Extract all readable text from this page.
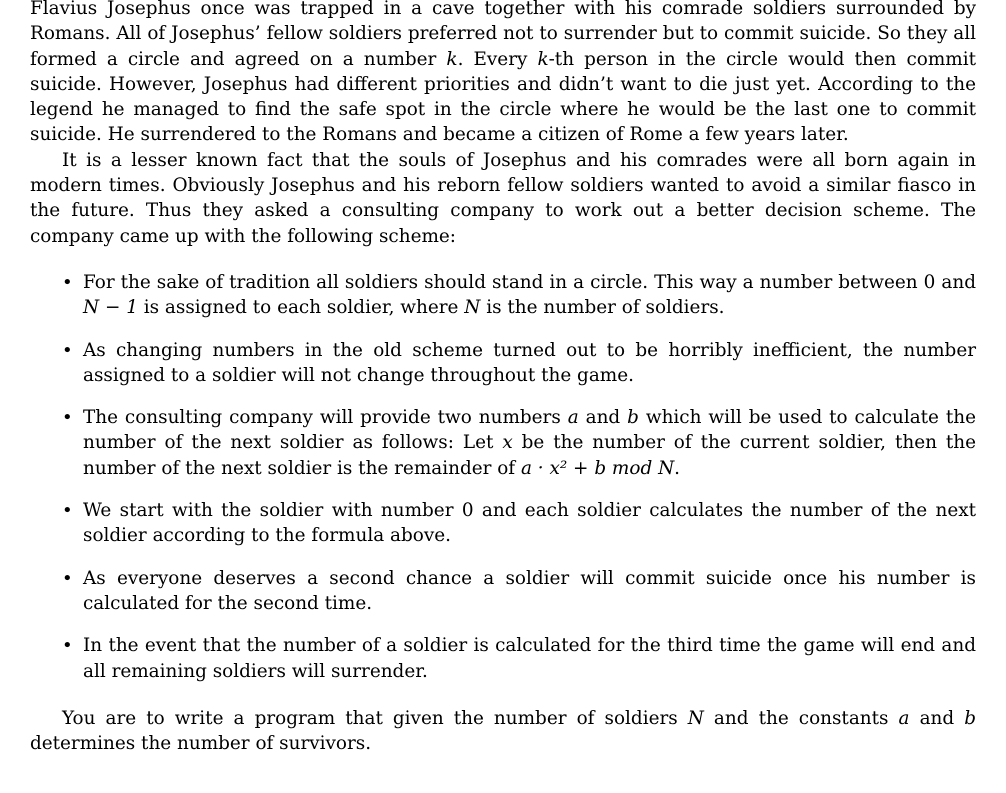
Flavius Josephus once was trapped in a cave together with his comrade soldiers surrounded by Romans. All of Josephus’ fellow soldiers preferred not to surrender but to commit suicide. So they all formed a circle and agreed on a number k. Every k-th person in the circle would then commit suicide. However, Josephus had different priorities and didn’t want to die just yet. According to the legend he managed to find the safe spot in the circle where he would be the last one to commit suicide. He surrendered to the Romans and became a citizen of Rome a few years later.

It is a lesser known fact that the souls of Josephus and his comrades were all born again in modern times. Obviously Josephus and his reborn fellow soldiers wanted to avoid a similar fiasco in the future. Thus they asked a consulting company to work out a better decision scheme. The company came up with the following scheme:

• For the sake of tradition all soldiers should stand in a circle. This way a number between 0 and N − 1 is assigned to each soldier, where N is the number of soldiers.
• As changing numbers in the old scheme turned out to be horribly inefficient, the number assigned to a soldier will not change throughout the game.
• The consulting company will provide two numbers a and b which will be used to calculate the number of the next soldier as follows: Let x be the number of the current soldier, then the number of the next soldier is the remainder of a · x² + b mod N.
• We start with the soldier with number 0 and each soldier calculates the number of the next soldier according to the formula above.
• As everyone deserves a second chance a soldier will commit suicide once his number is calculated for the second time.
• In the event that the number of a soldier is calculated for the third time the game will end and all remaining soldiers will surrender.

You are to write a program that given the number of soldiers N and the constants a and b determines the number of survivors.
